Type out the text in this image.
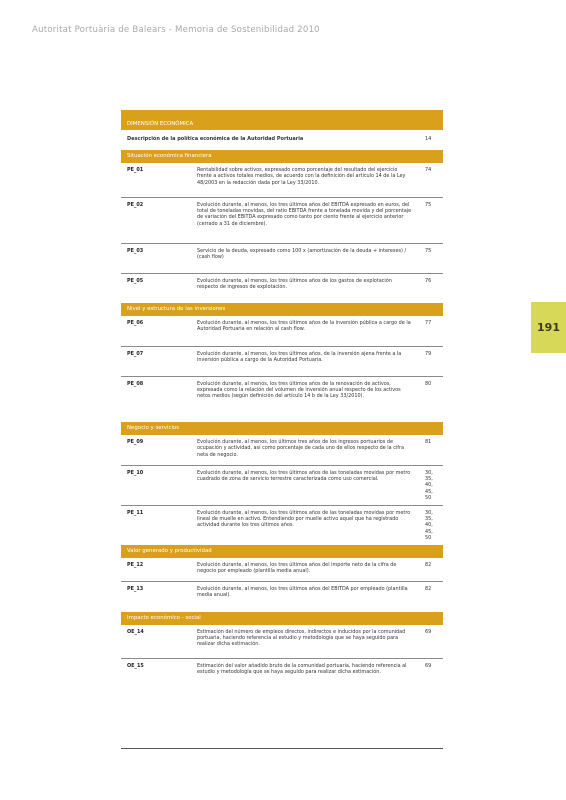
Autoritat Portuària de Balears - Memoria de Sostenibilidad 2010
DIMENSIÓN ECONÓMICA		
Descripción de la política económica de la Autoridad Portuaria		14
Situación económica financiera		
PE_01	Rentabilidad sobre activos, expresado como porcentaje del resultado del ejercicio frente a activos totales medios, de acuerdo con la definición del artículo 14 de la Ley 48/2003 en la redacción dada por la Ley 33/2010.	74
PE_02	Evolución durante, al menos, los tres últimos años del EBITDA expresado en euros, del total de toneladas movidas, del ratio EBITDA frente a tonelada movida y del porcentaje de variación del EBITDA expresado como tanto por ciento frente al ejercicio anterior (cerrado a 31 de diciembre).	75
PE_03	Servicio de la deuda, expresado como 100 x (amortización de la deuda + intereses) / (cash flow)	75
PE_05	Evolución durante, al menos, los tres últimos años de los gastos de explotación respecto de ingresos de explotación.	76
Nivel y estructura de las inversiones		
PE_06	Evolución durante, al menos, los tres últimos años de la inversión pública a cargo de la Autoridad Portuaria en relación al cash flow.	77
PE_07	Evolución durante, al menos, los tres últimos años, de la inversión ajena frente a la inversión pública a cargo de la Autoridad Portuaria.	79
PE_08	Evolución durante, al menos, los tres últimos años de la renovación de activos, expresada como la relación del volumen de inversión anual respecto de los activos netos medios (según definición del artículo 14 b de la Ley 33/2010).	80
Negocio y servicios		
PE_09	Evolución durante, al menos, los últimos tres años de los ingresos portuarios de ocupación y actividad, así como porcentaje de cada uno de ellos respecto de la cifra neta de negocio.	81
PE_10	Evolución durante, al menos, los tres últimos años de las toneladas movidas por metro cuadrado de zona de servicio terrestre caracterizada como uso comercial.	30, 35, 40, 45, 50
PE_11	Evolución durante, al menos, los tres últimos años de las toneladas movidas por metro lineal de muelle en activo. Entendiendo por muelle activo aquel que ha registrado actividad durante los tres últimos años.	30, 35, 40, 45, 50
Valor generado y productividad		
PE_12	Evolución durante, al menos, los tres últimos años del importe neto de la cifra de negocio por empleado (plantilla media anual).	82
PE_13	Evolución durante, al menos, los tres últimos años del EBITDA por empleado (plantilla media anual).	82
Impacto económico - social		
OE_14	Estimación del número de empleos directos, indirectos e inducidos por la comunidad portuaria, haciendo referencia al estudio y metodología que se haya seguido para realizar dicha estimación.	69
OE_15	Estimación del valor añadido bruto de la comunidad portuaria, haciendo referencia al estudio y metodología que se haya seguido para realizar dicha estimación.	69
191
